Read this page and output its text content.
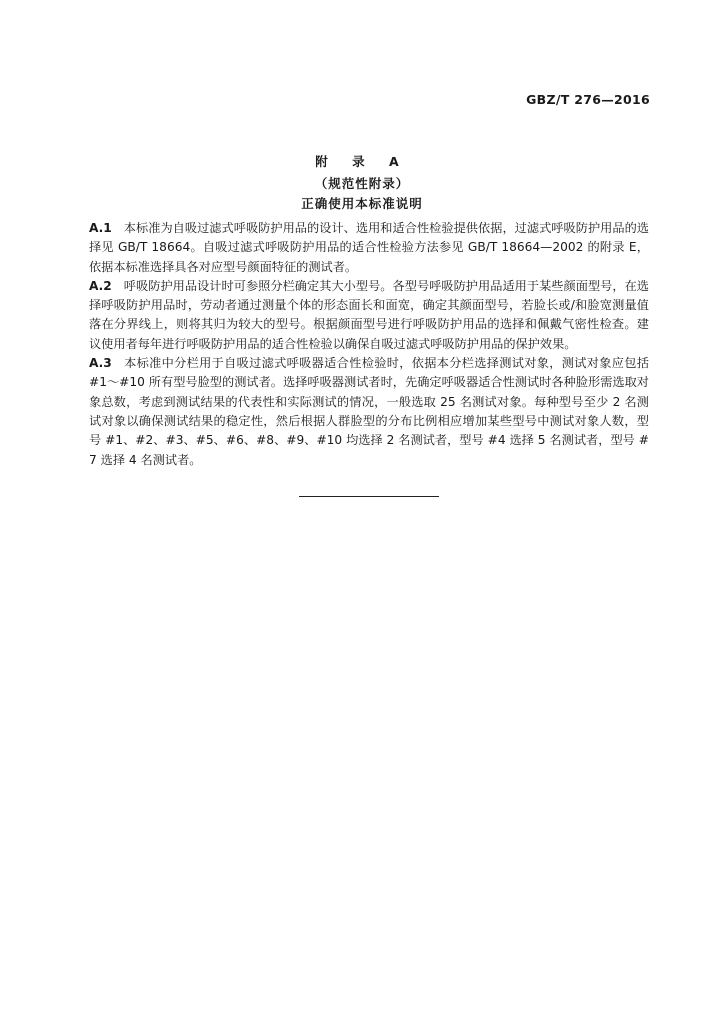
GBZ/T 276—2016
附 录 A
（规范性附录）
正确使用本标准说明

A.1 本标准为自吸过滤式呼吸防护用品的设计、选用和适合性检验提供依据，过滤式呼吸防护用品的选择见 GB/T 18664。自吸过滤式呼吸防护用品的适合性检验方法参见 GB/T 18664—2002 的附录 E，依据本标准选择具各对应型号颜面特征的测试者。

A.2 呼吸防护用品设计时可参照分栏确定其大小型号。各型号呼吸防护用品适用于某些颜面型号，在选择呼吸防护用品时，劳动者通过测量个体的形态面长和面宽，确定其颜面型号，若脸长或/和脸宽测量值落在分界线上，则将其归为较大的型号。根据颜面型号进行呼吸防护用品的选择和佩戴气密性检查。建议使用者每年进行呼吸防护用品的适合性检验以确保自吸过滤式呼吸防护用品的保护效果。

A.3 本标准中分栏用于自吸过滤式呼吸器适合性检验时，依据本分栏选择测试对象，测试对象应包括 #1～#10 所有型号脸型的测试者。选择呼吸器测试者时，先确定呼吸器适合性测试时各种脸形需选取对象总数，考虑到测试结果的代表性和实际测试的情况，一般选取 25 名测试对象。每种型号至少 2 名测试对象以确保测试结果的稳定性，然后根据人群脸型的分布比例相应增加某些型号中测试对象人数，型号 #1、#2、#3、#5、#6、#8、#9、#10 均选择 2 名测试者，型号 #4 选择 5 名测试者，型号 #7 选择 4 名测试者。
